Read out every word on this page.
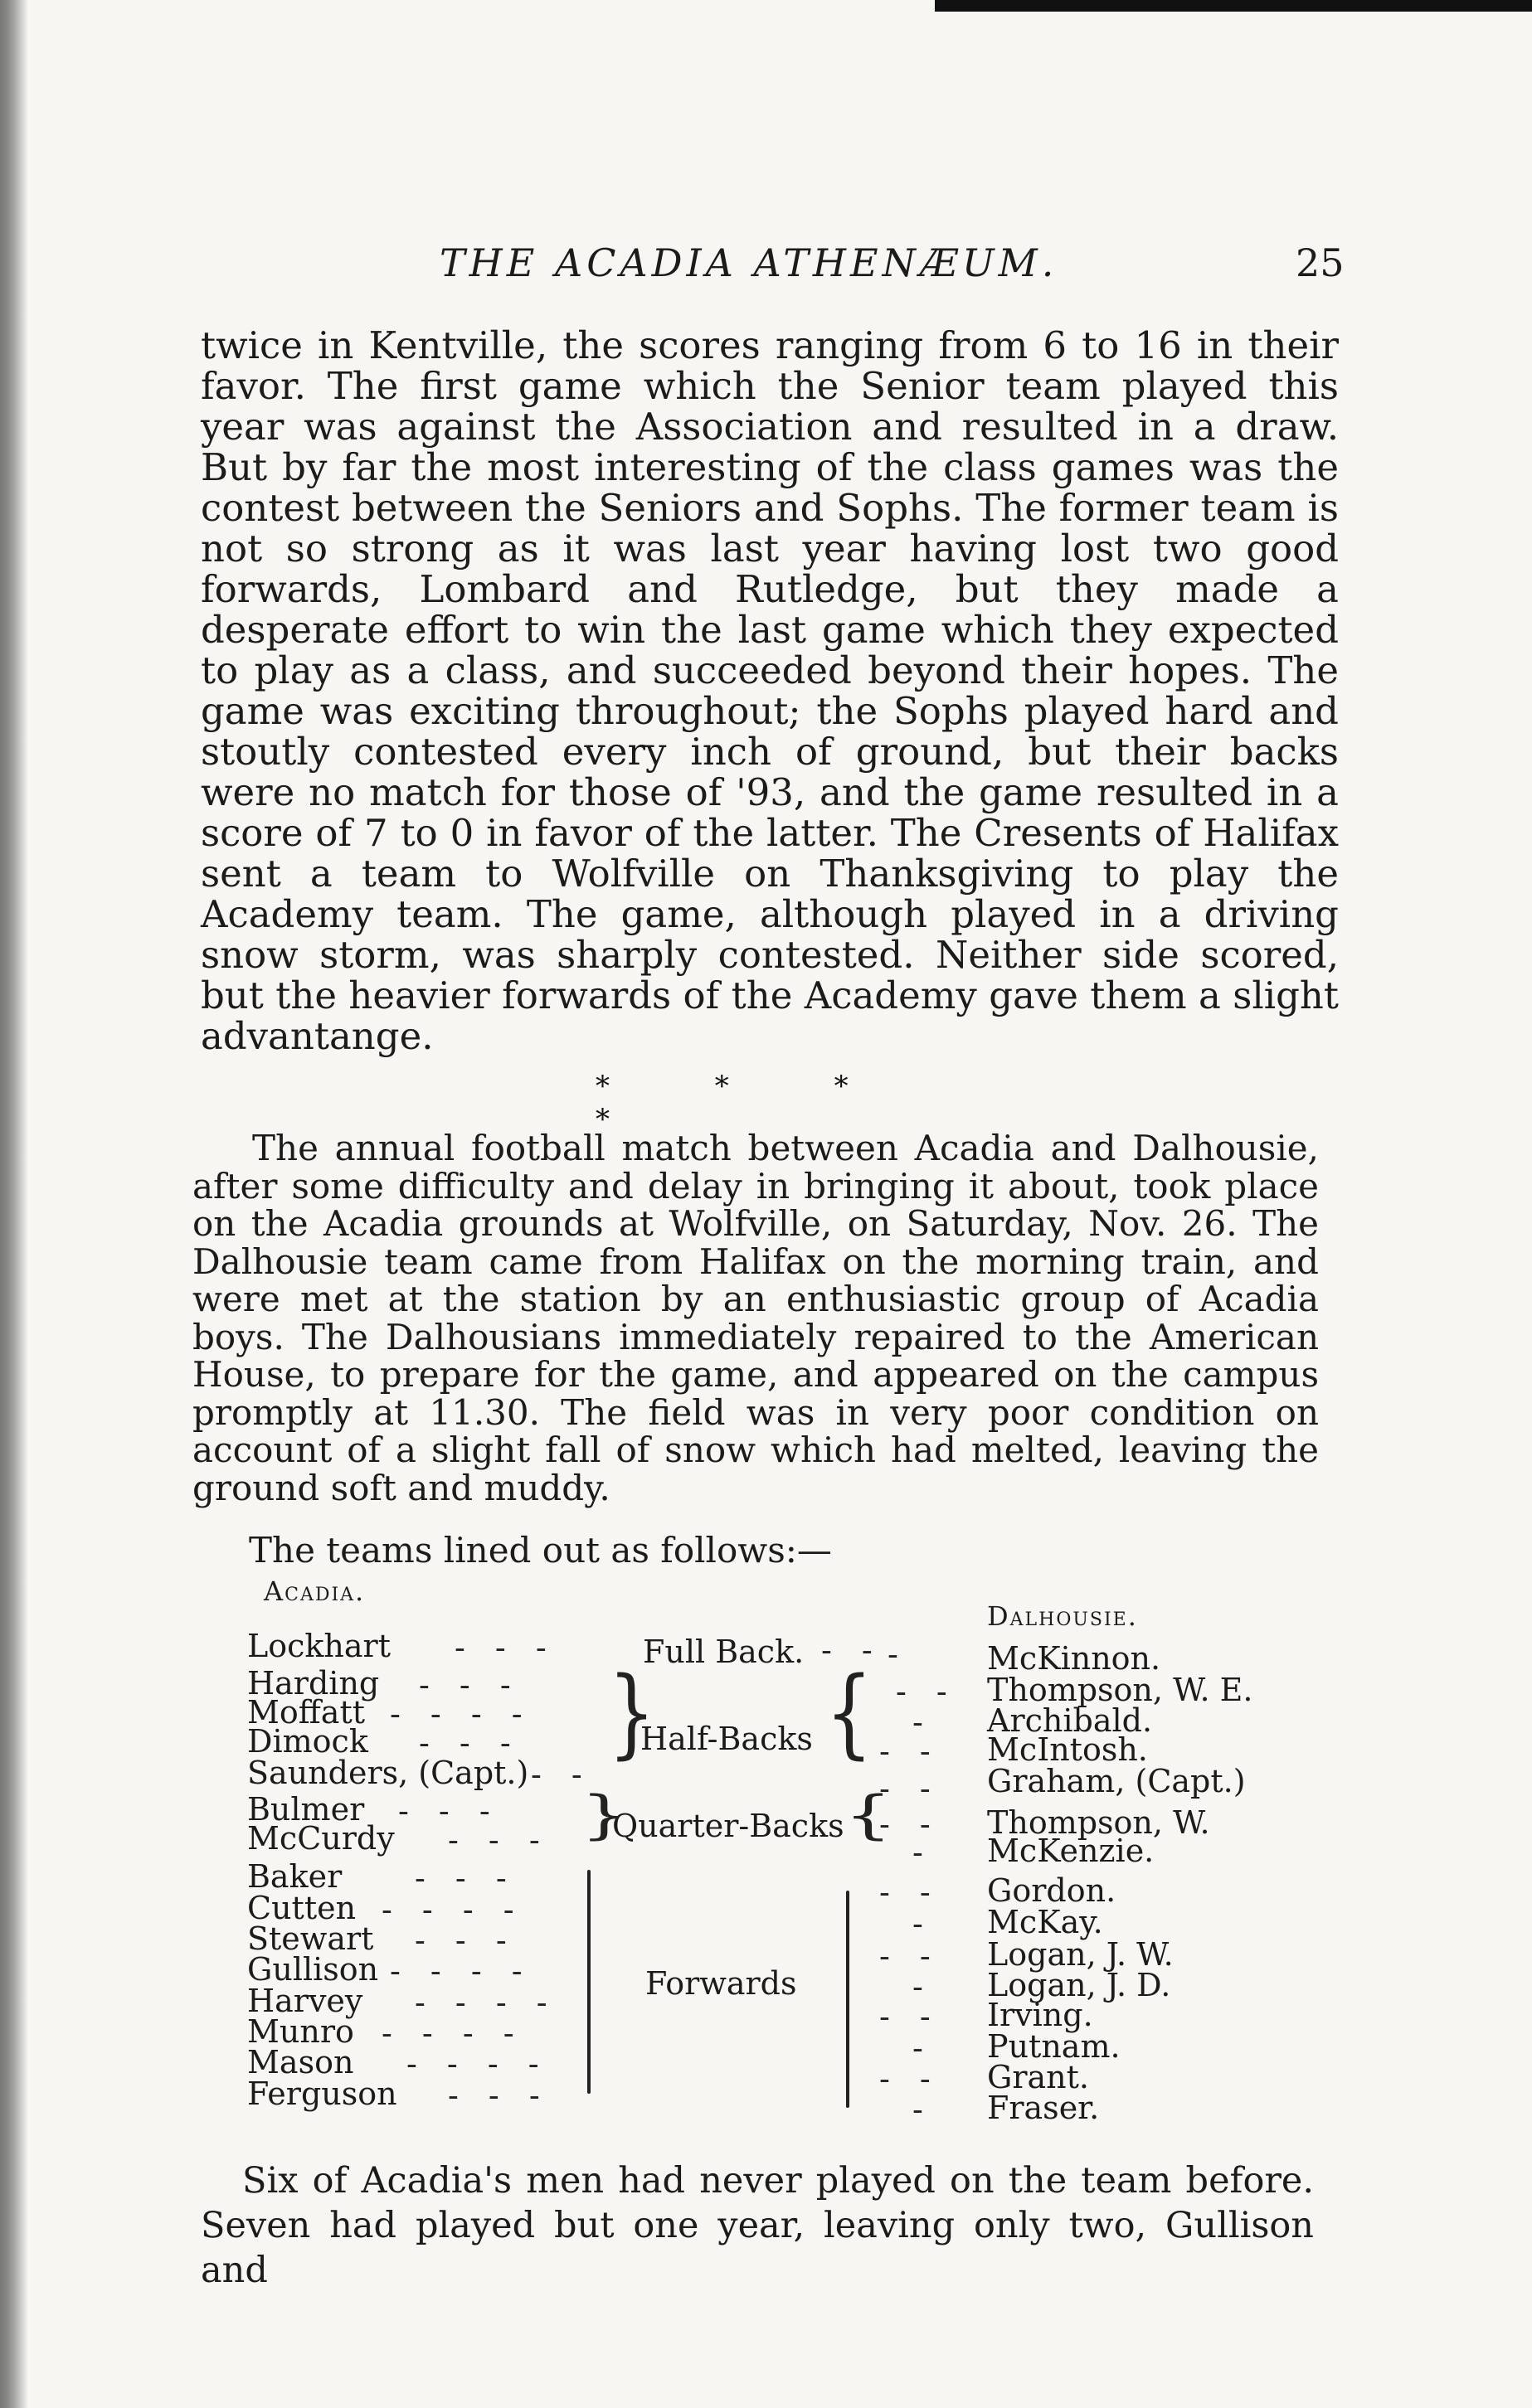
THE ACADIA ATHENÆUM.	25

twice in Kentville, the scores ranging from 6 to 16 in their favor. The first game which the Senior team played this year was against the Association and resulted in a draw. But by far the most interesting of the class games was the contest between the Seniors and Sophs. The former team is not so strong as it was last year having lost two good forwards, Lombard and Rutledge, but they made a desperate effort to win the last game which they expected to play as a class, and succeeded beyond their hopes. The game was exciting throughout; the Sophs played hard and stoutly contested every inch of ground, but their backs were no match for those of '93, and the game resulted in a score of 7 to 0 in favor of the latter. The Cresents of Halifax sent a team to Wolfville on Thanksgiving to play the Academy team. The game, although played in a driving snow storm, was sharply contested. Neither side scored, but the heavier forwards of the Academy gave them a slight advantange.

* * * *

The annual football match between Acadia and Dalhousie, after some difficulty and delay in bringing it about, took place on the Acadia grounds at Wolfville, on Saturday, Nov. 26. The Dalhousie team came from Halifax on the morning train, and were met at the station by an enthusiastic group of Acadia boys. The Dalhousians immediately repaired to the American House, to prepare for the game, and appeared on the campus promptly at 11.30. The field was in very poor condition on account of a slight fall of snow which had melted, leaving the ground soft and muddy.

The teams lined out as follows:—
Acadia.
Dalhousie.
Lockhart
Harding
Moffatt
Dimock
Saunders, (Capt.)
Bulmer
McCurdy
Baker
Cutten
Stewart
Gullison
Harvey
Munro
Mason
Ferguson
- - -
- - -
- - - -
- - -
- -
- - -
- - -
- - -
- - - -
- - -
- - - -
- - - -
- - - -
- - - -
- - -
Full Back.
Half-Backs
Quarter-Backs
Forwards
- - -
}
}
{
{
- -
-
- -
- -
- -
-
- -
-
- -
-
- -
-
- -
-
McKinnon.
Thompson, W. E.
Archibald.
McIntosh.
Graham, (Capt.)
Thompson, W.
McKenzie.
Gordon.
McKay.
Logan, J. W.
Logan, J. D.
Irving.
Putnam.
Grant.
Fraser.

Six of Acadia's men had never played on the team before. Seven had played but one year, leaving only two, Gullison and
